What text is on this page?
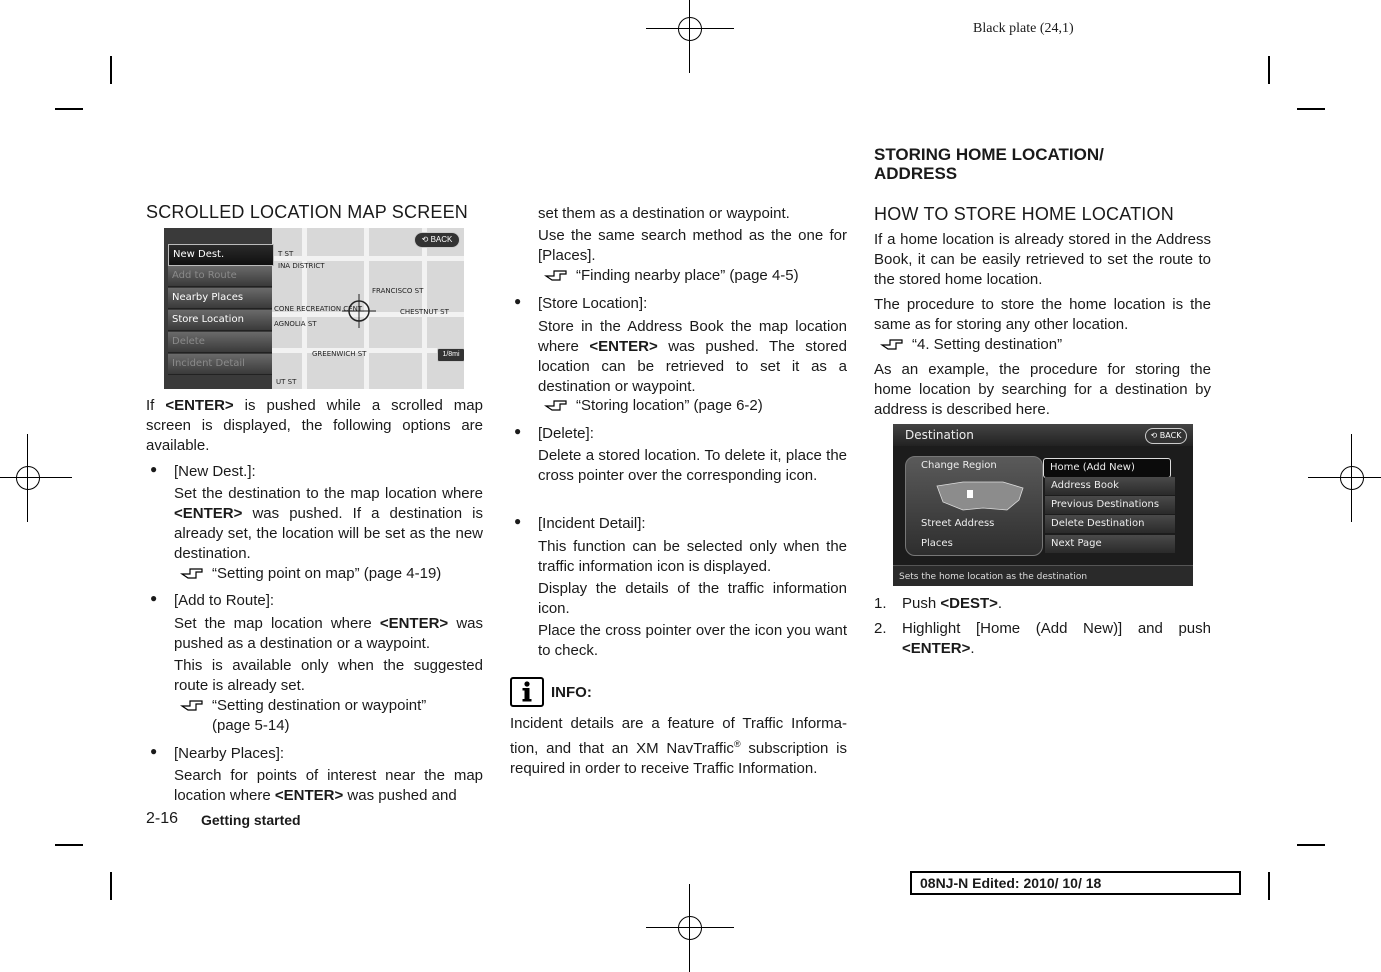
Black plate (24,1)
SCROLLED LOCATION MAP SCREEN
INA DISTRICT
CONE RECREATION CENT
AGNOLIA ST
GREENWICH ST
FRANCISCO ST
CHESTNUT ST
UT ST
T ST
⟲ BACK
1/8mi
New Dest.
Add to Route
Nearby Places
Store Location
Delete
Incident Detail

If <ENTER> is pushed while a scrolled map screen is displayed, the following options are available.

● [New Dest.]:

Set the destination to the map location where <ENTER> was pushed. If a destination is already set, the location will be set as the new destination.

“Setting point on map” (page 4-19)
● [Add to Route]:

Set the map location where <ENTER> was pushed as a destination or a waypoint.

This is available only when the suggested route is already set.

“Setting destination or waypoint”
(page 5-14)
● [Nearby Places]:

Search for points of interest near the map location where <ENTER> was pushed and

2-16 Getting started

set them as a destination or waypoint.

Use the same search method as the one for [Places].

“Finding nearby place” (page 4-5)
● [Store Location]:

Store in the Address Book the map location where <ENTER> was pushed. The stored location can be retrieved to set it as a destination or waypoint.

“Storing location” (page 6-2)
● [Delete]:

Delete a stored location. To delete it, place the cross pointer over the corresponding icon.

● [Incident Detail]:

This function can be selected only when the traffic information icon is displayed.

Display the details of the traffic information icon.

Place the cross pointer over the icon you want to check.

INFO:

Incident details are a feature of Traffic Informa-tion, and that an XM NavTraffic® subscription is required in order to receive Traffic Information.

STORING HOME LOCATION/
ADDRESS
HOW TO STORE HOME LOCATION

If a home location is already stored in the Address Book, it can be easily retrieved to set the route to the stored home location.

The procedure to store the home location is the same as for storing any other location.

“4. Setting destination”

As an example, the procedure for storing the home location by searching for a destination by address is described here.

Destination	⟲ BACK
Change Region
Street Address
Places
Home (Add New)
Address Book
Previous Destinations
Delete Destination
Next Page
Sets the home location as the destination
1. Push <DEST>.

2. Highlight [Home (Add New)] and push <ENTER>.

08NJ-N Edited: 2010/ 10/ 18
